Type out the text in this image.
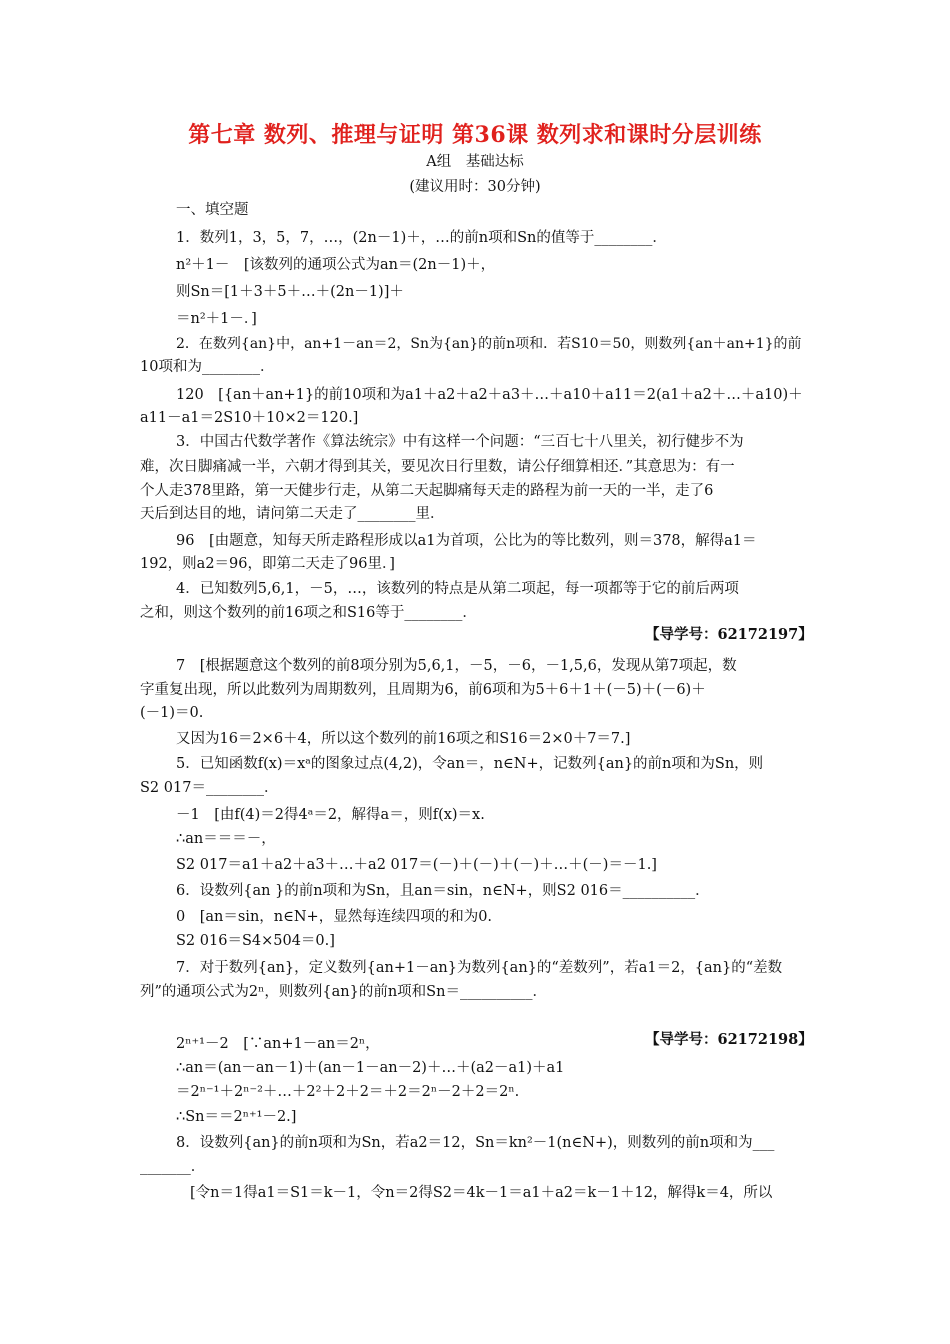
第七章 数列、推理与证明 第36课 数列求和课时分层训练
A组　基础达标
(建议用时：30分钟)
一、填空题
1．数列1，3，5，7，…，(2n－1)＋，…的前n项和Sn的值等于________．
n²＋1－　[该数列的通项公式为an＝(2n－1)＋，
则Sn＝[1＋3＋5＋…＋(2n－1)]＋
＝n²＋1－．]
2．在数列{an}中，an+1－an＝2，Sn为{an}的前n项和．若S10＝50，则数列{an＋an+1}的前
10项和为________．
120　[{an＋an+1}的前10项和为a1＋a2＋a2＋a3＋…＋a10＋a11＝2(a1＋a2＋…＋a10)＋
a11－a1＝2S10＋10×2＝120.]
3．中国古代数学著作《算法统宗》中有这样一个问题：“三百七十八里关，初行健步不为
难，次日脚痛减一半，六朝才得到其关，要见次日行里数，请公仔细算相还．”其意思为：有一
个人走378里路，第一天健步行走，从第二天起脚痛每天走的路程为前一天的一半，走了6
天后到达目的地，请问第二天走了________里．
96　[由题意，知每天所走路程形成以a1为首项，公比为的等比数列，则＝378，解得a1＝
192，则a2＝96，即第二天走了96里．]
4．已知数列5,6,1，－5，…，该数列的特点是从第二项起，每一项都等于它的前后两项
之和，则这个数列的前16项之和S16等于________．
7　[根据题意这个数列的前8项分别为5,6,1，－5，－6，－1,5,6，发现从第7项起，数
字重复出现，所以此数列为周期数列，且周期为6，前6项和为5＋6＋1＋(－5)＋(－6)＋
(－1)＝0.
又因为16＝2×6＋4，所以这个数列的前16项之和S16＝2×0＋7＝7.]
5．已知函数f(x)＝xᵃ的图象过点(4,2)，令an＝，n∈N+，记数列{an}的前n项和为Sn，则
S2 017＝________．
－1　[由f(4)＝2得4ᵃ＝2，解得a＝，则f(x)＝x.
∴an＝＝＝－，
S2 017＝a1＋a2＋a3＋…＋a2 017＝(－)＋(－)＋(－)＋…＋(－)＝－1.]
6．设数列{an }的前n项和为Sn，且an＝sin，n∈N+，则S2 016＝__________．
0　[an＝sin，n∈N+，显然每连续四项的和为0.
S2 016＝S4×504＝0.]
7．对于数列{an}，定义数列{an+1－an}为数列{an}的“差数列”，若a1＝2，{an}的“差数
列”的通项公式为2ⁿ，则数列{an}的前n项和Sn＝__________．
2ⁿ⁺¹－2　[∵an+1－an＝2ⁿ，
∴an＝(an－an－1)＋(an－1－an－2)＋…＋(a2－a1)＋a1
＝2ⁿ⁻¹＋2ⁿ⁻²＋…＋2²＋2＋2＝＋2＝2ⁿ－2＋2＝2ⁿ.
∴Sn＝＝2ⁿ⁺¹－2.]
8．设数列{an}的前n项和为Sn，若a2＝12，Sn＝kn²－1(n∈N+)，则数列的前n项和为___
_______．
[令n＝1得a1＝S1＝k－1，令n＝2得S2＝4k－1＝a1＋a2＝k－1＋12，解得k＝4，所以
【导学号：62172197】
【导学号：62172198】
